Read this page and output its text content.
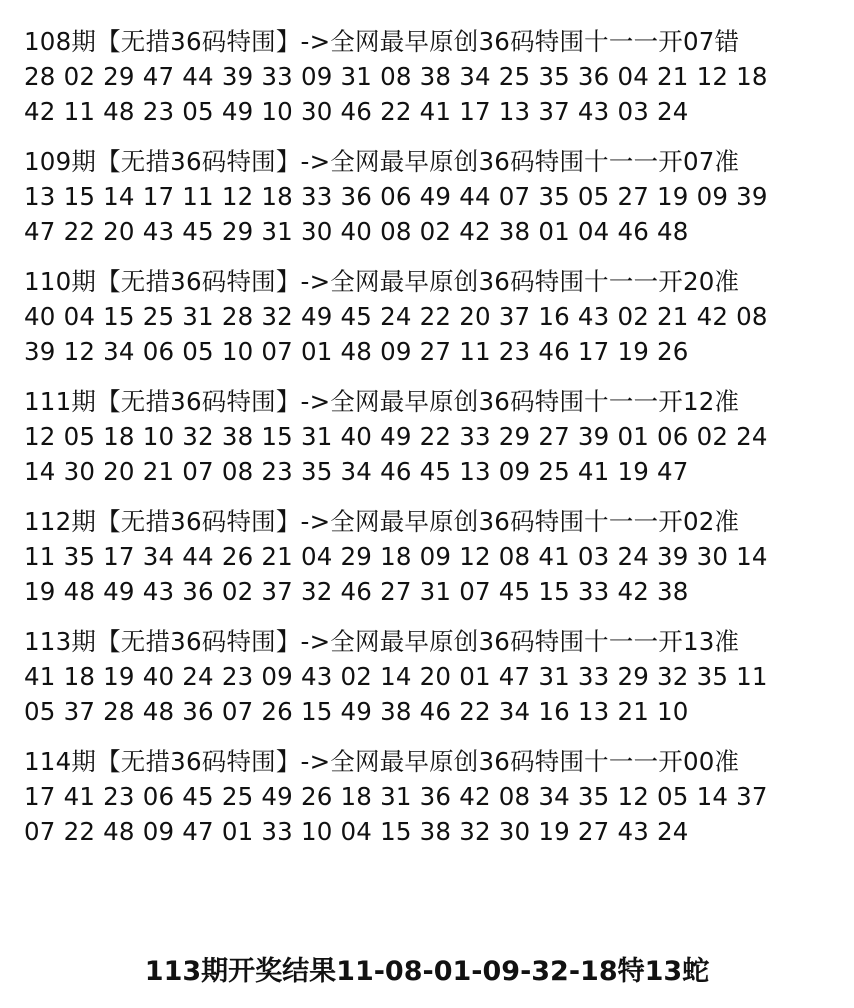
108期【无措36码特围】->全网最早原创36码特围十一一开07错
28 02 29 47 44 39 33 09 31 08 38 34 25 35 36 04 21 12 18
42 11 48 23 05 49 10 30 46 22 41 17 13 37 43 03 24
109期【无措36码特围】->全网最早原创36码特围十一一开07准
13 15 14 17 11 12 18 33 36 06 49 44 07 35 05 27 19 09 39
47 22 20 43 45 29 31 30 40 08 02 42 38 01 04 46 48
110期【无措36码特围】->全网最早原创36码特围十一一开20准
40 04 15 25 31 28 32 49 45 24 22 20 37 16 43 02 21 42 08
39 12 34 06 05 10 07 01 48 09 27 11 23 46 17 19 26
111期【无措36码特围】->全网最早原创36码特围十一一开12准
12 05 18 10 32 38 15 31 40 49 22 33 29 27 39 01 06 02 24
14 30 20 21 07 08 23 35 34 46 45 13 09 25 41 19 47
112期【无措36码特围】->全网最早原创36码特围十一一开02准
11 35 17 34 44 26 21 04 29 18 09 12 08 41 03 24 39 30 14
19 48 49 43 36 02 37 32 46 27 31 07 45 15 33 42 38
113期【无措36码特围】->全网最早原创36码特围十一一开13准
41 18 19 40 24 23 09 43 02 14 20 01 47 31 33 29 32 35 11
05 37 28 48 36 07 26 15 49 38 46 22 34 16 13 21 10
114期【无措36码特围】->全网最早原创36码特围十一一开00准
17 41 23 06 45 25 49 26 18 31 36 42 08 34 35 12 05 14 37
07 22 48 09 47 01 33 10 04 15 38 32 30 19 27 43 24
113期开奖结果11-08-01-09-32-18特13蛇
